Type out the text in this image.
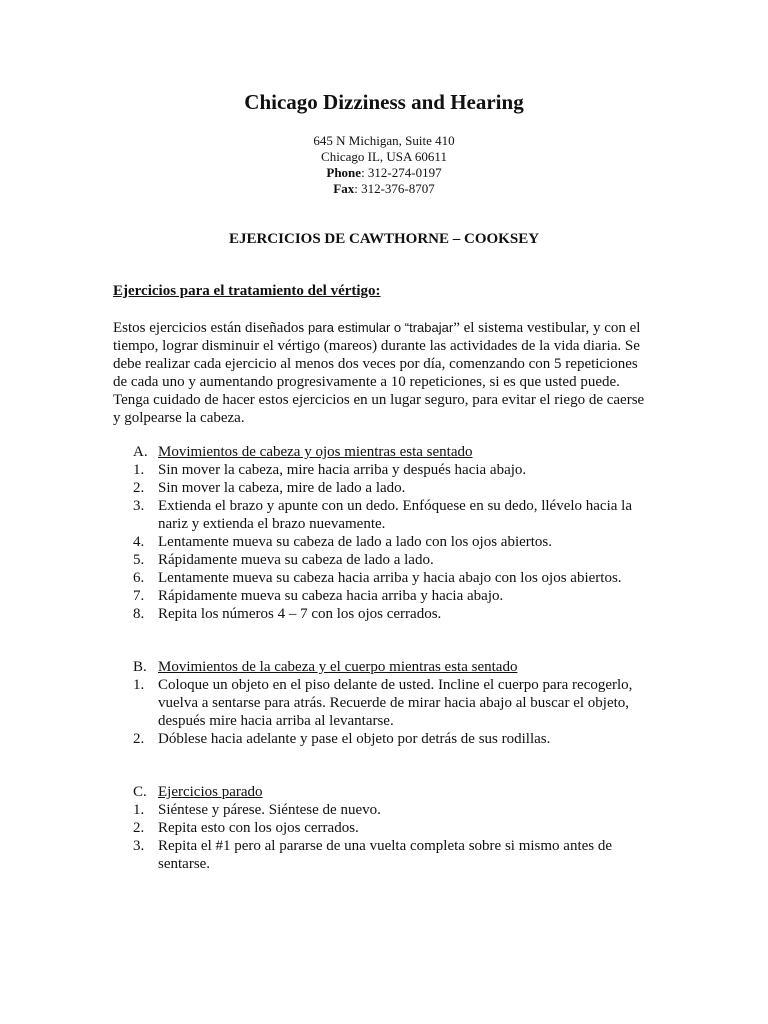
Chicago Dizziness and Hearing
645 N Michigan, Suite 410
Chicago IL, USA 60611
Phone: 312-274-0197
Fax: 312-376-8707
EJERCICIOS DE CAWTHORNE – COOKSEY
Ejercicios para el tratamiento del vértigo:
Estos ejercicios están diseñados para estimular o “trabajar” el sistema vestibular, y con el tiempo, lograr disminuir el vértigo (mareos) durante las actividades de la vida diaria. Se debe realizar cada ejercicio al menos dos veces por día, comenzando con 5 repeticiones de cada uno y aumentando progresivamente a 10 repeticiones, si es que usted puede. Tenga cuidado de hacer estos ejercicios en un lugar seguro, para evitar el riego de caerse y golpearse la cabeza.
A. Movimientos de cabeza y ojos mientras esta sentado
1. Sin mover la cabeza, mire hacia arriba y después hacia abajo.
2. Sin mover la cabeza, mire de lado a lado.
3. Extienda el brazo y apunte con un dedo. Enfóquese en su dedo, llévelo hacia la nariz y extienda el brazo nuevamente.
4. Lentamente mueva su cabeza de lado a lado con los ojos abiertos.
5. Rápidamente mueva su cabeza de lado a lado.
6. Lentamente mueva su cabeza hacia arriba y hacia abajo con los ojos abiertos.
7. Rápidamente mueva su cabeza hacia arriba y hacia abajo.
8. Repita los números 4 – 7 con los ojos cerrados.
B. Movimientos de la cabeza y el cuerpo mientras esta sentado
1. Coloque un objeto en el piso delante de usted. Incline el cuerpo para recogerlo, vuelva a sentarse para atrás. Recuerde de mirar hacia abajo al buscar el objeto, después mire hacia arriba al levantarse.
2. Dóblese hacia adelante y pase el objeto por detrás de sus rodillas.
C. Ejercicios parado
1. Siéntese y párese. Siéntese de nuevo.
2. Repita esto con los ojos cerrados.
3. Repita el #1 pero al pararse de una vuelta completa sobre si mismo antes de sentarse.
